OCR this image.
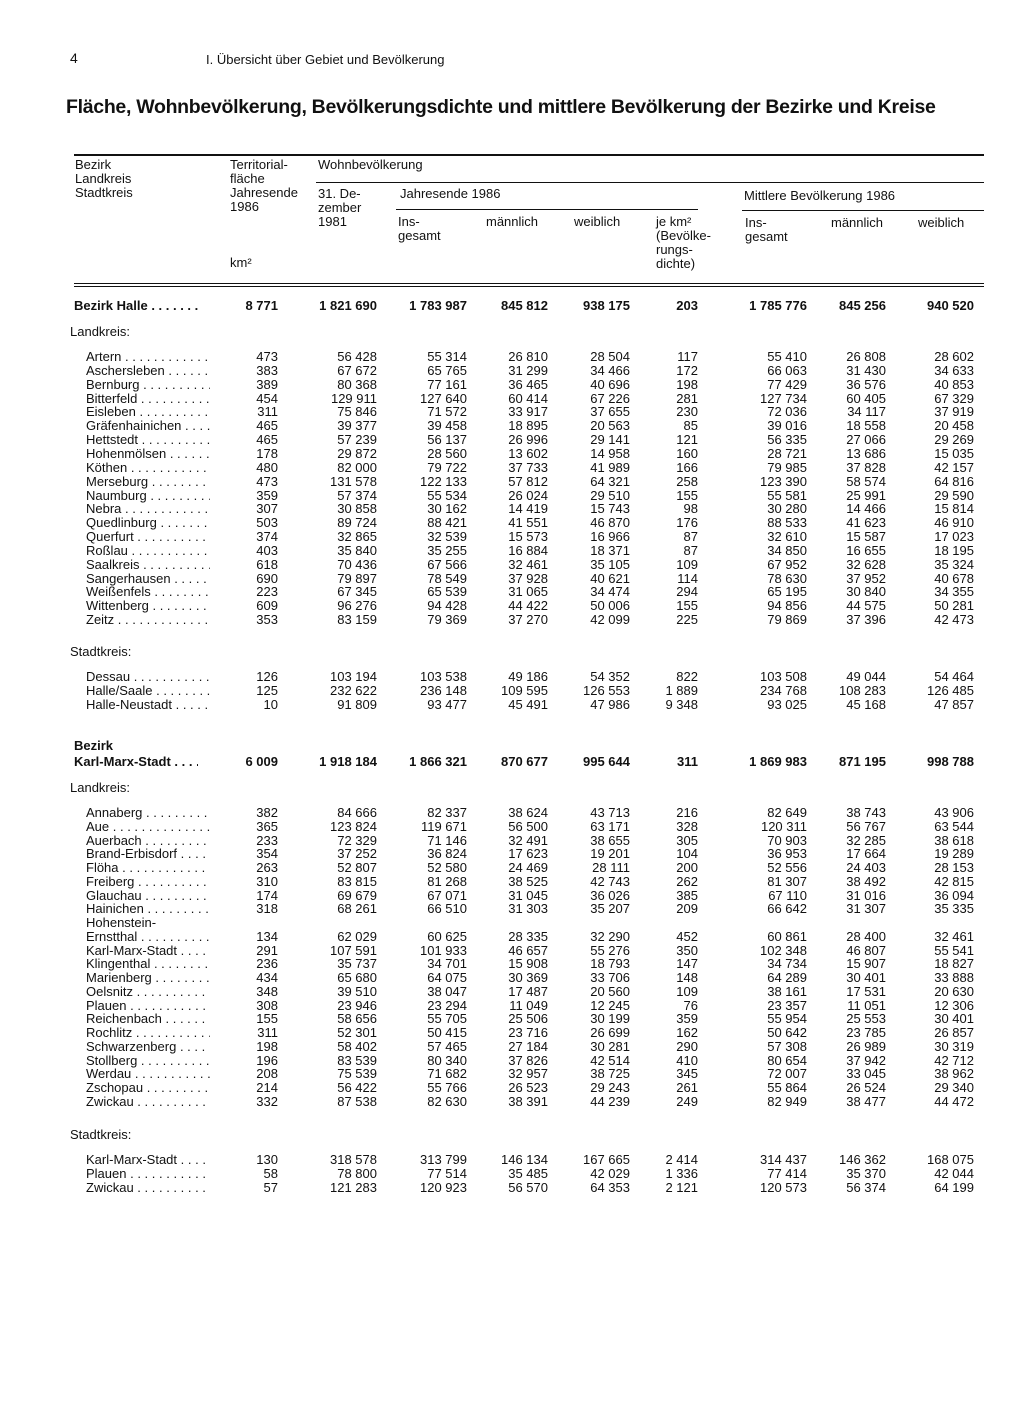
4	I. Übersicht über Gebiet und Bevölkerung
Fläche, Wohnbevölkerung, Bevölkerungsdichte und mittlere Bevölkerung der Bezirke und Kreise
Bezirk
Landkreis
Stadtkreis
Territorial-
fläche
Jahresende
1986
km²
Wohnbevölkerung
31. De-
zember
1981
Jahresende 1986	Mittlere Bevölkerung 1986
Ins-
gesamt
männlich	weiblich	je km²
(Bevölke-
rungs-
dichte)
Ins-
gesamt
männlich	weiblich
Bezirk Halle . . .	8 771	1 821 690	1 783 987	845 812	938 175	203	1 785 776	845 256	940 520
Landkreis:
Artern . . .	473	56 428	55 314	26 810	28 504	117	55 410	26 808	28 602
Aschersleben . . .	383	67 672	65 765	31 299	34 466	172	66 063	31 430	34 633
Bernburg . . .	389	80 368	77 161	36 465	40 696	198	77 429	36 576	40 853
Bitterfeld . . .	454	129 911	127 640	60 414	67 226	281	127 734	60 405	67 329
Eisleben . . .	311	75 846	71 572	33 917	37 655	230	72 036	34 117	37 919
Gräfenhainichen . . .	465	39 377	39 458	18 895	20 563	85	39 016	18 558	20 458
Hettstedt . . .	465	57 239	56 137	26 996	29 141	121	56 335	27 066	29 269
Hohenmölsen . . .	178	29 872	28 560	13 602	14 958	160	28 721	13 686	15 035
Köthen . . .	480	82 000	79 722	37 733	41 989	166	79 985	37 828	42 157
Merseburg . . .	473	131 578	122 133	57 812	64 321	258	123 390	58 574	64 816
Naumburg . . .	359	57 374	55 534	26 024	29 510	155	55 581	25 991	29 590
Nebra . . .	307	30 858	30 162	14 419	15 743	98	30 280	14 466	15 814
Quedlinburg . . .	503	89 724	88 421	41 551	46 870	176	88 533	41 623	46 910
Querfurt . . .	374	32 865	32 539	15 573	16 966	87	32 610	15 587	17 023
Roßlau . . .	403	35 840	35 255	16 884	18 371	87	34 850	16 655	18 195
Saalkreis . . .	618	70 436	67 566	32 461	35 105	109	67 952	32 628	35 324
Sangerhausen . . .	690	79 897	78 549	37 928	40 621	114	78 630	37 952	40 678
Weißenfels . . .	223	67 345	65 539	31 065	34 474	294	65 195	30 840	34 355
Wittenberg . . .	609	96 276	94 428	44 422	50 006	155	94 856	44 575	50 281
Zeitz . . .	353	83 159	79 369	37 270	42 099	225	79 869	37 396	42 473
Stadtkreis:
Dessau . . .	126	103 194	103 538	49 186	54 352	822	103 508	49 044	54 464
Halle/Saale . . .	125	232 622	236 148	109 595	126 553	1 889	234 768	108 283	126 485
Halle-Neustadt . . .	10	91 809	93 477	45 491	47 986	9 348	93 025	45 168	47 857
Bezirk
Karl-Marx-Stadt . . .	6 009	1 918 184	1 866 321	870 677	995 644	311	1 869 983	871 195	998 788
Landkreis:
Annaberg . . .	382	84 666	82 337	38 624	43 713	216	82 649	38 743	43 906
Aue . . .	365	123 824	119 671	56 500	63 171	328	120 311	56 767	63 544
Auerbach . . .	233	72 329	71 146	32 491	38 655	305	70 903	32 285	38 618
Brand-Erbisdorf . . .	354	37 252	36 824	17 623	19 201	104	36 953	17 664	19 289
Flöha . . .	263	52 807	52 580	24 469	28 111	200	52 556	24 403	28 153
Freiberg . . .	310	83 815	81 268	38 525	42 743	262	81 307	38 492	42 815
Glauchau . . .	174	69 679	67 071	31 045	36 026	385	67 110	31 016	36 094
Hainichen . . .	318	68 261	66 510	31 303	35 207	209	66 642	31 307	35 335
Hohenstein-
Ernstthal . . .	134	62 029	60 625	28 335	32 290	452	60 861	28 400	32 461
Karl-Marx-Stadt . . .	291	107 591	101 933	46 657	55 276	350	102 348	46 807	55 541
Klingenthal . . .	236	35 737	34 701	15 908	18 793	147	34 734	15 907	18 827
Marienberg . . .	434	65 680	64 075	30 369	33 706	148	64 289	30 401	33 888
Oelsnitz . . .	348	39 510	38 047	17 487	20 560	109	38 161	17 531	20 630
Plauen . . .	308	23 946	23 294	11 049	12 245	76	23 357	11 051	12 306
Reichenbach . . .	155	58 656	55 705	25 506	30 199	359	55 954	25 553	30 401
Rochlitz . . .	311	52 301	50 415	23 716	26 699	162	50 642	23 785	26 857
Schwarzenberg . . .	198	58 402	57 465	27 184	30 281	290	57 308	26 989	30 319
Stollberg . . .	196	83 539	80 340	37 826	42 514	410	80 654	37 942	42 712
Werdau . . .	208	75 539	71 682	32 957	38 725	345	72 007	33 045	38 962
Zschopau . . .	214	56 422	55 766	26 523	29 243	261	55 864	26 524	29 340
Zwickau . . .	332	87 538	82 630	38 391	44 239	249	82 949	38 477	44 472
Stadtkreis:
Karl-Marx-Stadt . . .	130	318 578	313 799	146 134	167 665	2 414	314 437	146 362	168 075
Plauen . . .	58	78 800	77 514	35 485	42 029	1 336	77 414	35 370	42 044
Zwickau . . .	57	121 283	120 923	56 570	64 353	2 121	120 573	56 374	64 199
